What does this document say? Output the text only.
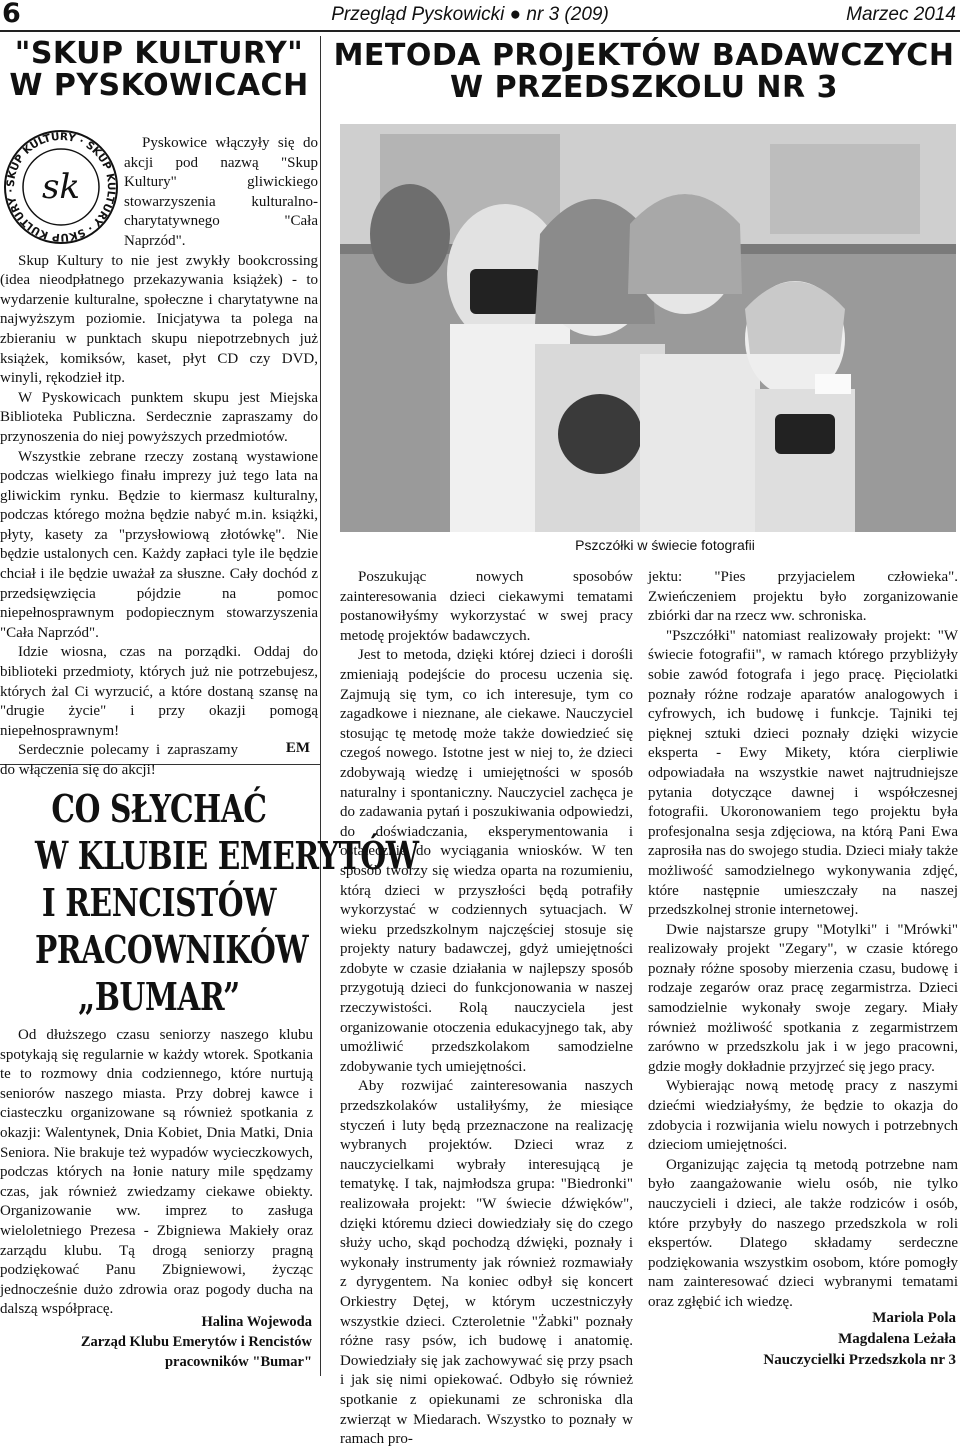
6	Przegląd Pyskowicki ● nr 3 (209)	Marzec 2014
"SKUP KULTURY"
W PYSKOWICACH
SKUP KULTURY · SKUP KULTURY · SKUP KULTURY · sk

Pyskowice włączyły się do akcji pod nazwą "Skup Kultury" gliwickiego stowarzyszenia kulturalno-charytatywnego "Cała Naprzód".

Skup Kultury to nie jest zwykły bookcrossing (idea nieodpłatnego przekazywania książek) - to wydarzenie kulturalne, społeczne i charytatywne na najwyższym poziomie. Inicjatywa ta polega na zbieraniu w punktach skupu niepotrzebnych już książek, komiksów, kaset, płyt CD czy DVD, winyli, rękodzieł itp.

W Pyskowicach punktem skupu jest Miejska Biblioteka Publiczna. Serdecznie zapraszamy do przynoszenia do niej powyższych przedmiotów.

Wszystkie zebrane rzeczy zostaną wystawione podczas wielkiego finału imprezy już tego lata na gliwickim rynku. Będzie to kiermasz kulturalny, podczas którego można będzie nabyć m.in. książki, płyty, kasety za "przysłowiową złotówkę". Nie będzie ustalonych cen. Każdy zapłaci tyle ile będzie chciał i ile będzie uważał za słuszne. Cały dochód z przedsięwzięcia pójdzie na pomoc niepełnosprawnym podopiecznym stowarzyszenia "Cała Naprzód".

Idzie wiosna, czas na porządki. Oddaj do biblioteki przedmioty, których już nie potrzebujesz, których żal Ci wyrzucić, a które dostaną szansę na "drugie życie" i przy okazji pomogą niepełnosprawnym!

Serdecznie polecamy i zapraszamy do włączenia się do akcji!

EM
CO SŁYCHAĆ
W KLUBIE EMERYTÓW
I RENCISTÓW
PRACOWNIKÓW
„BUMAR”

Od dłuższego czasu seniorzy naszego klubu spotykają się regularnie w każdy wtorek. Spotkania te to rozmowy dnia codziennego, które nurtują seniorów naszego miasta. Przy dobrej kawce i ciasteczku organizowane są również spotkania z okazji: Walentynek, Dnia Kobiet, Dnia Matki, Dnia Seniora. Nie brakuje też wypadów wycieczkowych, podczas których na łonie natury mile spędzamy czas, jak również zwiedzamy ciekawe obiekty. Organizowanie ww. imprez to zasługa wieloletniego Prezesa - Zbigniewa Makieły oraz zarządu klubu. Tą drogą seniorzy pragną podziękować Panu Zbigniewowi, życząc jednocześnie dużo zdrowia oraz pogody ducha na dalszą współpracę.

Halina Wojewoda
Zarząd Klubu Emerytów i Rencistów
pracowników "Bumar"
METODA PROJEKTÓW BADAWCZYCH
W PRZEDSZKOLU NR 3
Pszczółki w świecie fotografii

Poszukując nowych sposobów zainteresowania dzieci ciekawymi tematami postanowiłyśmy wykorzystać w swej pracy metodę projektów badawczych.

Jest to metoda, dzięki której dzieci i dorośli zmieniają podejście do procesu uczenia się. Zajmują się tym, co ich interesuje, tym co zagadkowe i nieznane, ale ciekawe. Nauczyciel stosując tę metodę może także dowiedzieć się czegoś nowego. Istotne jest w niej to, że dzieci zdobywają wiedzę i umiejętności w sposób naturalny i spontaniczny. Nauczyciel zachęca je do zadawania pytań i poszukiwania odpowiedzi, do doświadczania, eksperymentowania i ostatecznie do wyciągania wniosków. W ten sposób tworzy się wiedza oparta na rozumieniu, którą dzieci w przyszłości będą potrafiły wykorzystać w codziennych sytuacjach. W wieku przedszkolnym najczęściej stosuje się projekty natury badawczej, gdyż umiejętności zdobyte w czasie działania w najlepszy sposób przygotują dzieci do funkcjonowania w naszej rzeczywistości. Rolą nauczyciela jest organizowanie otoczenia edukacyjnego tak, aby umożliwić przedszkolakom samodzielne zdobywanie tych umiejętności.

Aby rozwijać zainteresowania naszych przedszkolaków ustaliłyśmy, że miesiące styczeń i luty będą przeznaczone na realizację wybranych projektów. Dzieci wraz z nauczycielkami wybrały interesującą je tematykę. I tak, najmłodsza grupa: "Biedronki" realizowała projekt: "W świecie dźwięków", dzięki któremu dzieci dowiedziały się do czego służy ucho, skąd pochodzą dźwięki, poznały i wykonały instrumenty jak również rozmawiały z dyrygentem. Na koniec odbył się koncert Orkiestry Dętej, w którym uczestniczyły wszystkie dzieci. Czteroletnie "Żabki" poznały różne rasy psów, ich budowę i anatomię. Dowiedziały się jak zachowywać się przy psach i jak się nimi opiekować. Odbyło się również spotkanie z opiekunami ze schroniska dla zwierząt w Miedarach. Wszystko to poznały w ramach pro-

jektu: "Pies przyjacielem człowieka". Zwieńczeniem projektu było zorganizowanie zbiórki dar na rzecz ww. schroniska.

"Pszczółki" natomiast realizowały projekt: "W świecie fotografii", w ramach którego przybliżyły sobie zawód fotografa i jego pracę. Pięciolatki poznały różne rodzaje aparatów analogowych i cyfrowych, ich budowę i funkcje. Tajniki tej pięknej sztuki dzieci poznały dzięki wizycie eksperta - Ewy Mikety, która cierpliwie odpowiadała na wszystkie nawet najtrudniejsze pytania dotyczące dawnej i współczesnej fotografii. Ukoronowaniem tego projektu była profesjonalna sesja zdjęciowa, na którą Pani Ewa zaprosiła nas do swojego studia. Dzieci miały także możliwość samodzielnego wykonywania zdjęć, które następnie umieszczały na naszej przedszkolnej stronie internetowej.

Dwie najstarsze grupy "Motylki" i "Mrówki" realizowały projekt "Zegary", w czasie którego poznały różne sposoby mierzenia czasu, budowę i rodzaje zegarów oraz pracę zegarmistrza. Dzieci samodzielnie wykonały swoje zegary. Miały również możliwość spotkania z zegarmistrzem zarówno w przedszkolu jak i w jego pracowni, gdzie mogły dokładnie przyjrzeć się jego pracy.

Wybierając nową metodę pracy z naszymi dziećmi wiedziałyśmy, że będzie to okazja do zdobycia i rozwijania wielu nowych i potrzebnych dzieciom umiejętności.

Organizując zajęcia tą metodą potrzebne nam było zaangażowanie wielu osób, nie tylko nauczycieli i dzieci, ale także rodziców i osób, które przybyły do naszego przedszkola w roli ekspertów. Dlatego składamy serdeczne podziękowania wszystkim osobom, które pomogły nam zainteresować dzieci wybranymi tematami oraz zgłębić ich wiedzę.

Mariola Pola
Magdalena Leżała
Nauczycielki Przedszkola nr 3
